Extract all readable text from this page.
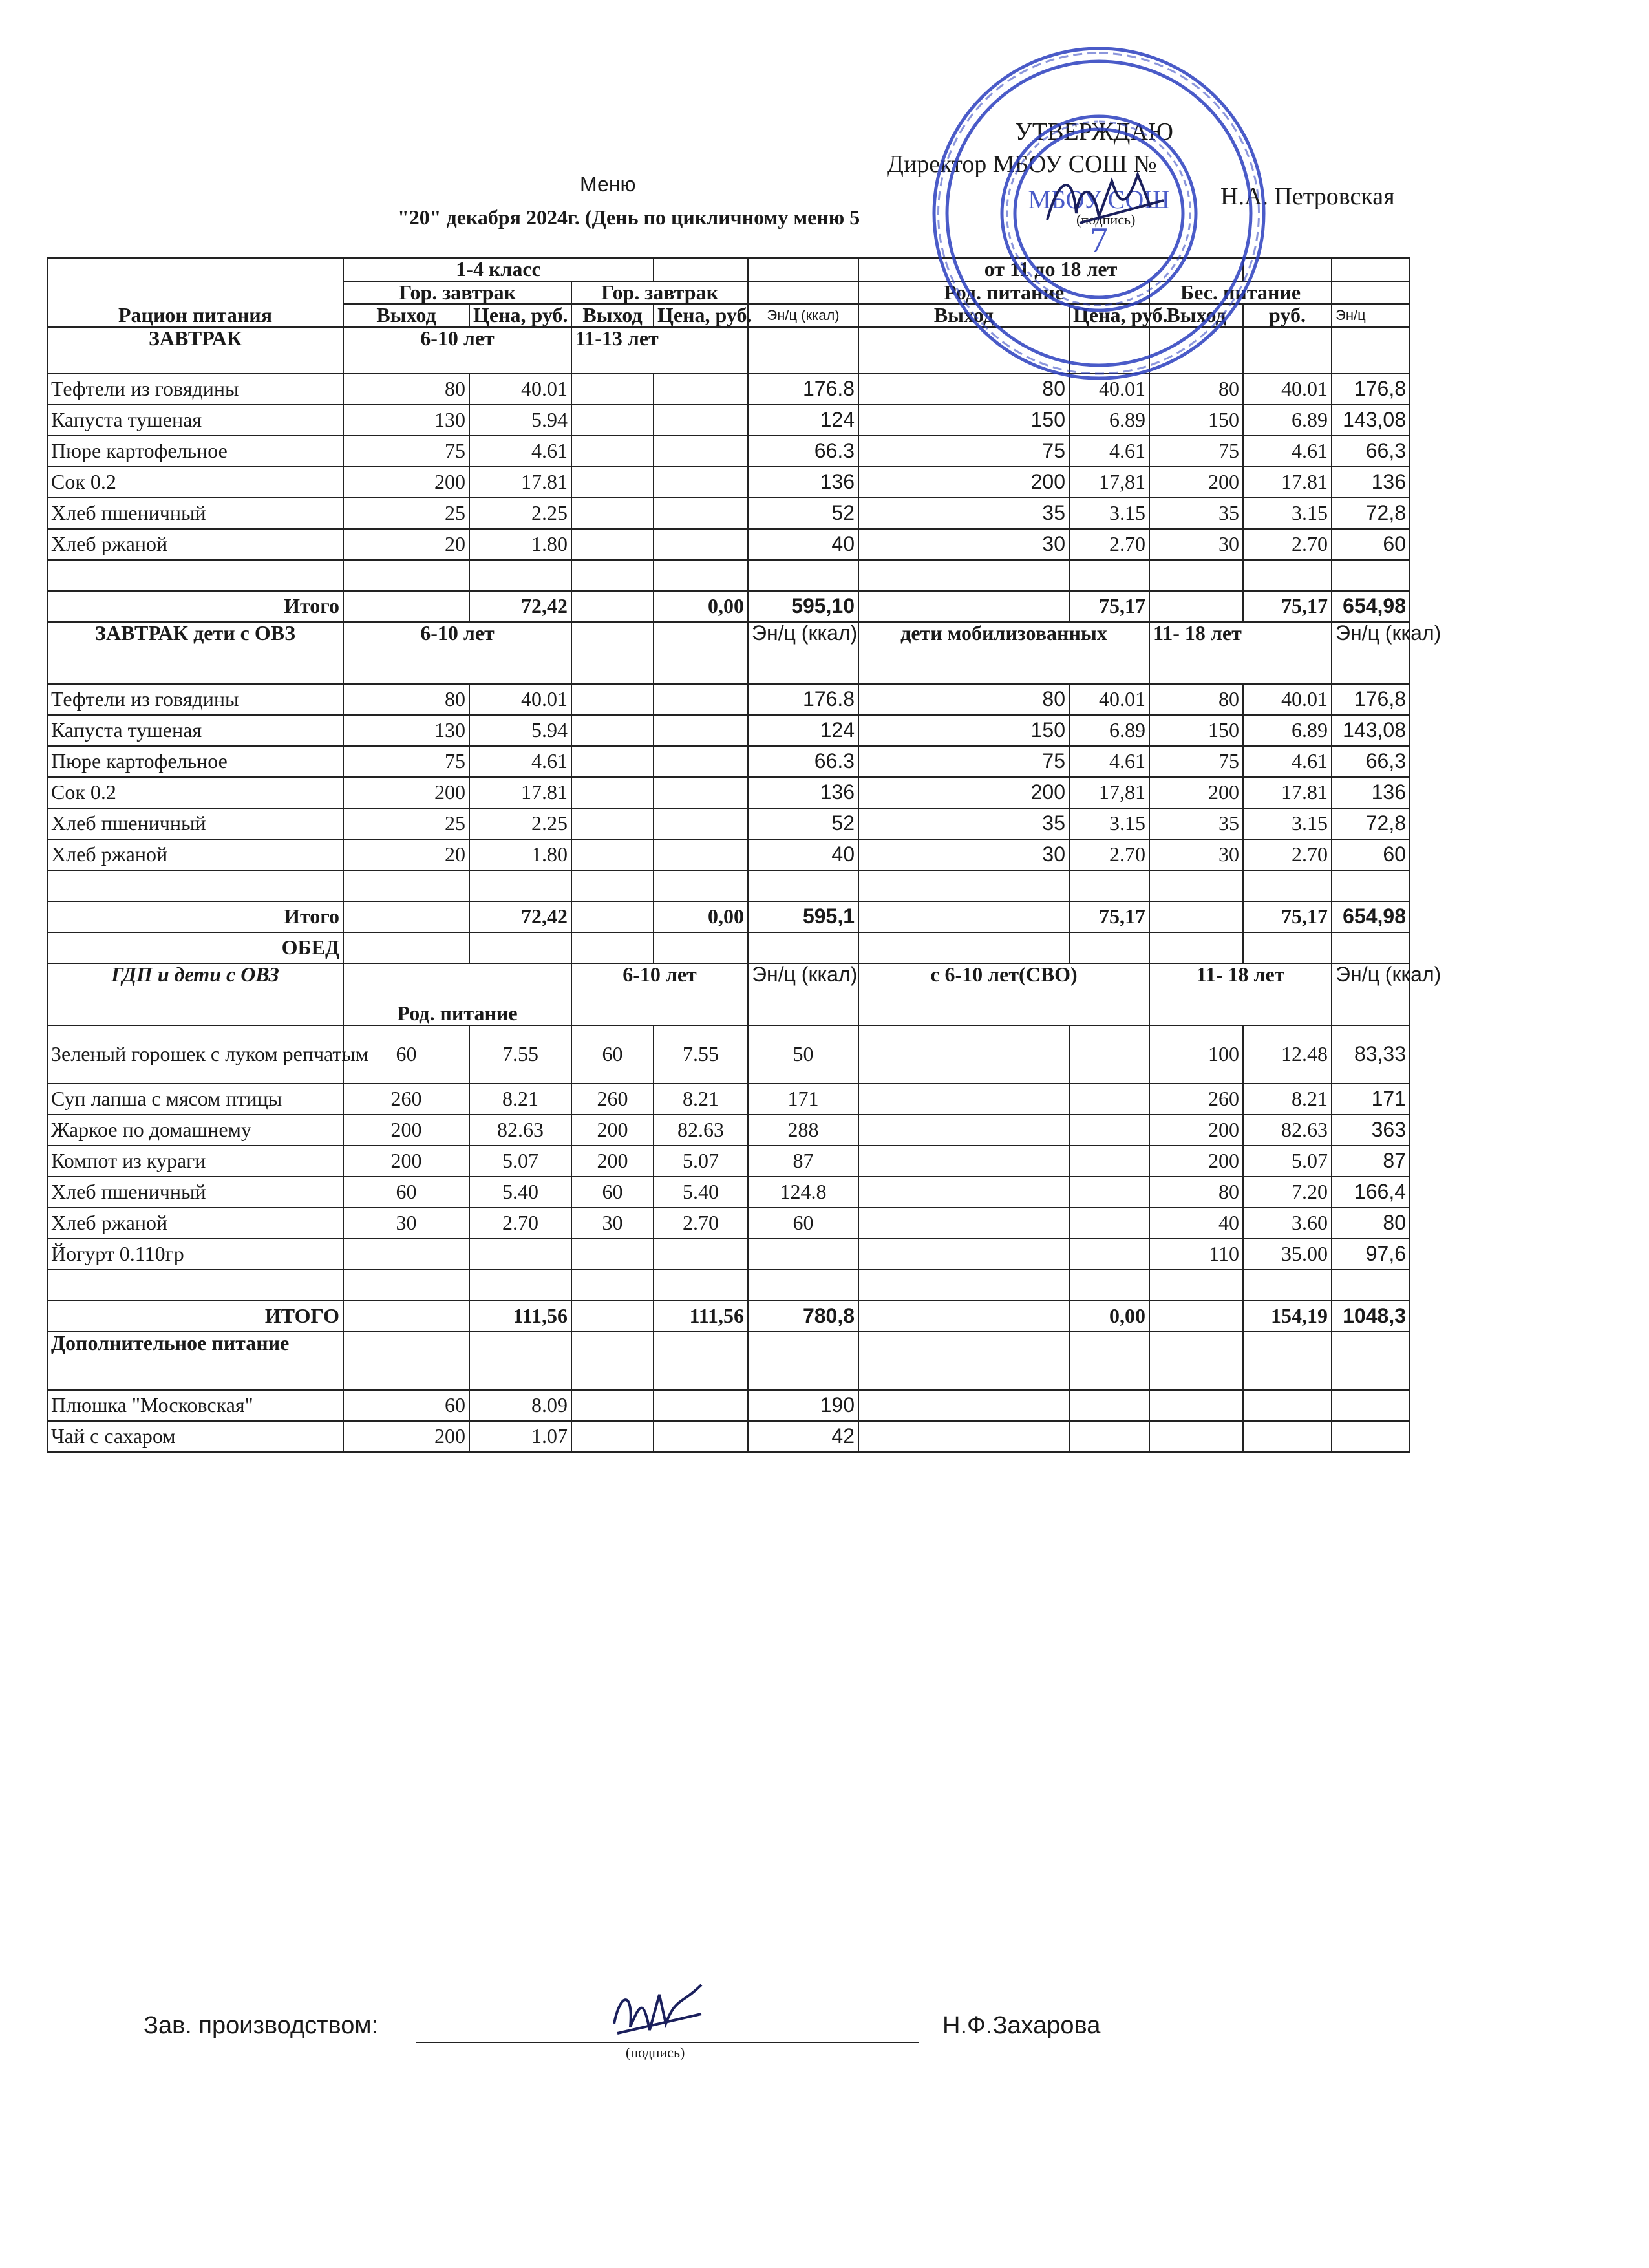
УТВЕРЖДАЮ
Директор МБОУ СОШ №
Н.А. Петровская
Меню
(подпись)
"20" декабря 2024г. (День по цикличному меню 5
Рацион питания	1-4 класс					от 11 до 18 лет				
	Гор. завтрак		Гор. завтрак			Род. питание		Бес. питание		
	Выход	Цена, руб.	Выход	Цена, руб.	Эн/ц (ккал)	Выход	Цена, руб.	Выход	руб.	Эн/ц
ЗАВТРАК	6-10 лет		11-13 лет							
Тефтели из говядины	80	40.01			176.8	80	40.01	80	40.01	176,8
Капуста тушеная	130	5.94			124	150	6.89	150	6.89	143,08
Пюре картофельное	75	4.61			66.3	75	4.61	75	4.61	66,3
Сок 0.2	200	17.81			136	200	17,81	200	17.81	136
Хлеб пшеничный	25	2.25			52	35	3.15	35	3.15	72,8
Хлеб ржаной	20	1.80			40	30	2.70	30	2.70	60

Итого		72,42		0,00	595,10		75,17		75,17	654,98
ЗАВТРАК дети с ОВЗ	6-10 лет				Эн/ц (ккал)	дети мобилизованных		11- 18 лет		Эн/ц (ккал)
Тефтели из говядины	80	40.01			176.8	80	40.01	80	40.01	176,8
Капуста тушеная	130	5.94			124	150	6.89	150	6.89	143,08
Пюре картофельное	75	4.61			66.3	75	4.61	75	4.61	66,3
Сок 0.2	200	17.81			136	200	17,81	200	17.81	136
Хлеб пшеничный	25	2.25			52	35	3.15	35	3.15	72,8
Хлеб ржаной	20	1.80			40	30	2.70	30	2.70	60

Итого		72,42		0,00	595,1		75,17		75,17	654,98
ОБЕД										
ГДП и дети с ОВЗ	Род. питание		6-10 лет		Эн/ц (ккал)	с 6-10 лет(СВО)		11- 18 лет		Эн/ц (ккал)
Зеленый горошек с луком репчатым	60	7.55	60	7.55	50			100	12.48	83,33
Суп лапша с мясом птицы	260	8.21	260	8.21	171			260	8.21	171
Жаркое по домашнему	200	82.63	200	82.63	288			200	82.63	363
Компот из кураги	200	5.07	200	5.07	87			200	5.07	87
Хлеб пшеничный	60	5.40	60	5.40	124.8			80	7.20	166,4
Хлеб ржаной	30	2.70	30	2.70	60			40	3.60	80
Йогурт 0.110гр								110	35.00	97,6

ИТОГО		111,56		111,56	780,8		0,00		154,19	1048,3
Дополнительное питание										
Плюшка "Московская"	60	8.09			190					
Чай с сахаром	200	1.07			42					
МБОУ СОШ
7
Зав. производством:
(подпись)
Н.Ф.Захарова
